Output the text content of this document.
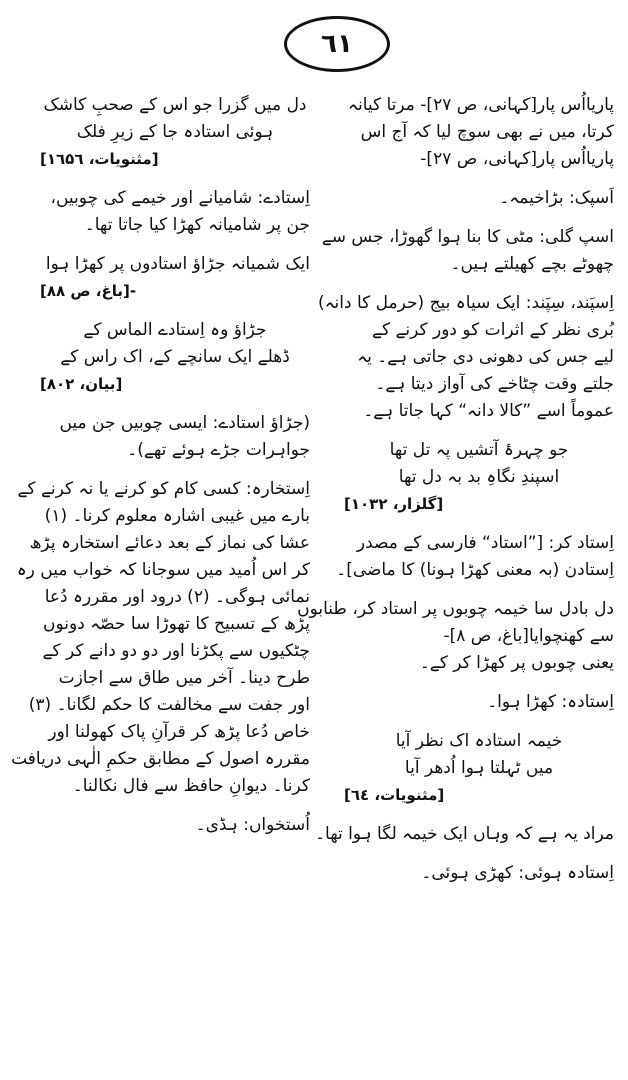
٦١
پاریااُس پار[کہانی، ص ۲۷]- مرتا کیانہ
کرتا، میں نے بھی سوچ لیا کہ آج اس
پاریااُس پار[کہانی، ص ۲۷]-
اَسپک: بڑاخیمہ۔
اسپ گلی: مٹی کا بنا ہوا گھوڑا، جس سے
چھوٹے بچے کھیلتے ہیں۔
اِسپَند، سِپَند: ایک سیاہ بیج (حرمل کا دانہ)
بُری نظر کے اثرات کو دور کرنے کے
لیے جس کی دھونی دی جاتی ہے۔ یہ
جلتے وقت چٹاخے کی آواز دیتا ہے۔
عموماً اسے ”کالا دانہ“ کہا جاتا ہے۔
جو چہرۂ آتشیں پہ تل تھا
اسپندِ نگاہِ بد بہ دل تھا
[گلزار، ۱۰۳۲]
اِستاد کر: [”استاد“ فارسی کے مصدر
اِستادن (بہ معنی کھڑا ہونا) کا ماضی]۔
دل بادل سا خیمہ چوبوں پر استاد کر، طنابوں
سے کھنچوایا[باغ، ص ۸]-
یعنی چوبوں پر کھڑا کر کے۔
اِستادہ: کھڑا ہوا۔
خیمہ استادہ اک نظر آیا
میں ٹہلتا ہوا اُدھر آیا
[مثنویات، ٦٤]
مراد یہ ہے کہ وہاں ایک خیمہ لگا ہوا تھا۔
اِستادہ ہوئی: کھڑی ہوئی۔
دل میں گزرا جو اس کے صحبِ کاشک
ہوئی استادہ جا کے زیرِ فلک
[مثنویات، ۱٦۵٦]
اِستادے: شامیانے اور خیمے کی چوبیں،
جن پر شامیانہ کھڑا کیا جاتا تھا۔
ایک شمیانہ جڑاؤ استادوں پر کھڑا ہوا
[باغ، ص ۸۸]-
جڑاؤ وہ اِستادے الماس کے
ڈھلے ایک سانچے کے، اک راس کے
[بیان، ۸۰۲]
(جڑاؤ استادے: ایسی چوبیں جن میں
جواہرات جڑے ہوئے تھے)۔
اِستخارہ: کسی کام کو کرنے یا نہ کرنے کے
بارے میں غیبی اشارہ معلوم کرنا۔ (۱)
عشا کی نماز کے بعد دعائے استخارہ پڑھ
کر اس اُمید میں سوجانا کہ خواب میں رہ
نمائی ہوگی۔ (۲) درود اور مقررہ دُعا
پڑھ کے تسبیح کا تھوڑا سا حصّہ دونوں
چٹکیوں سے پکڑنا اور دو دو دانے کر کے
طرح دینا۔ آخر میں طاق سے اجازت
اور جفت سے مخالفت کا حکم لگانا۔ (۳)
خاص دُعا پڑھ کر قرآنِ پاک کھولنا اور
مقررہ اصول کے مطابق حکمِ الٰہی دریافت
کرنا۔ دیوانِ حافظ سے فال نکالنا۔
اُستخواں: ہڈی۔
